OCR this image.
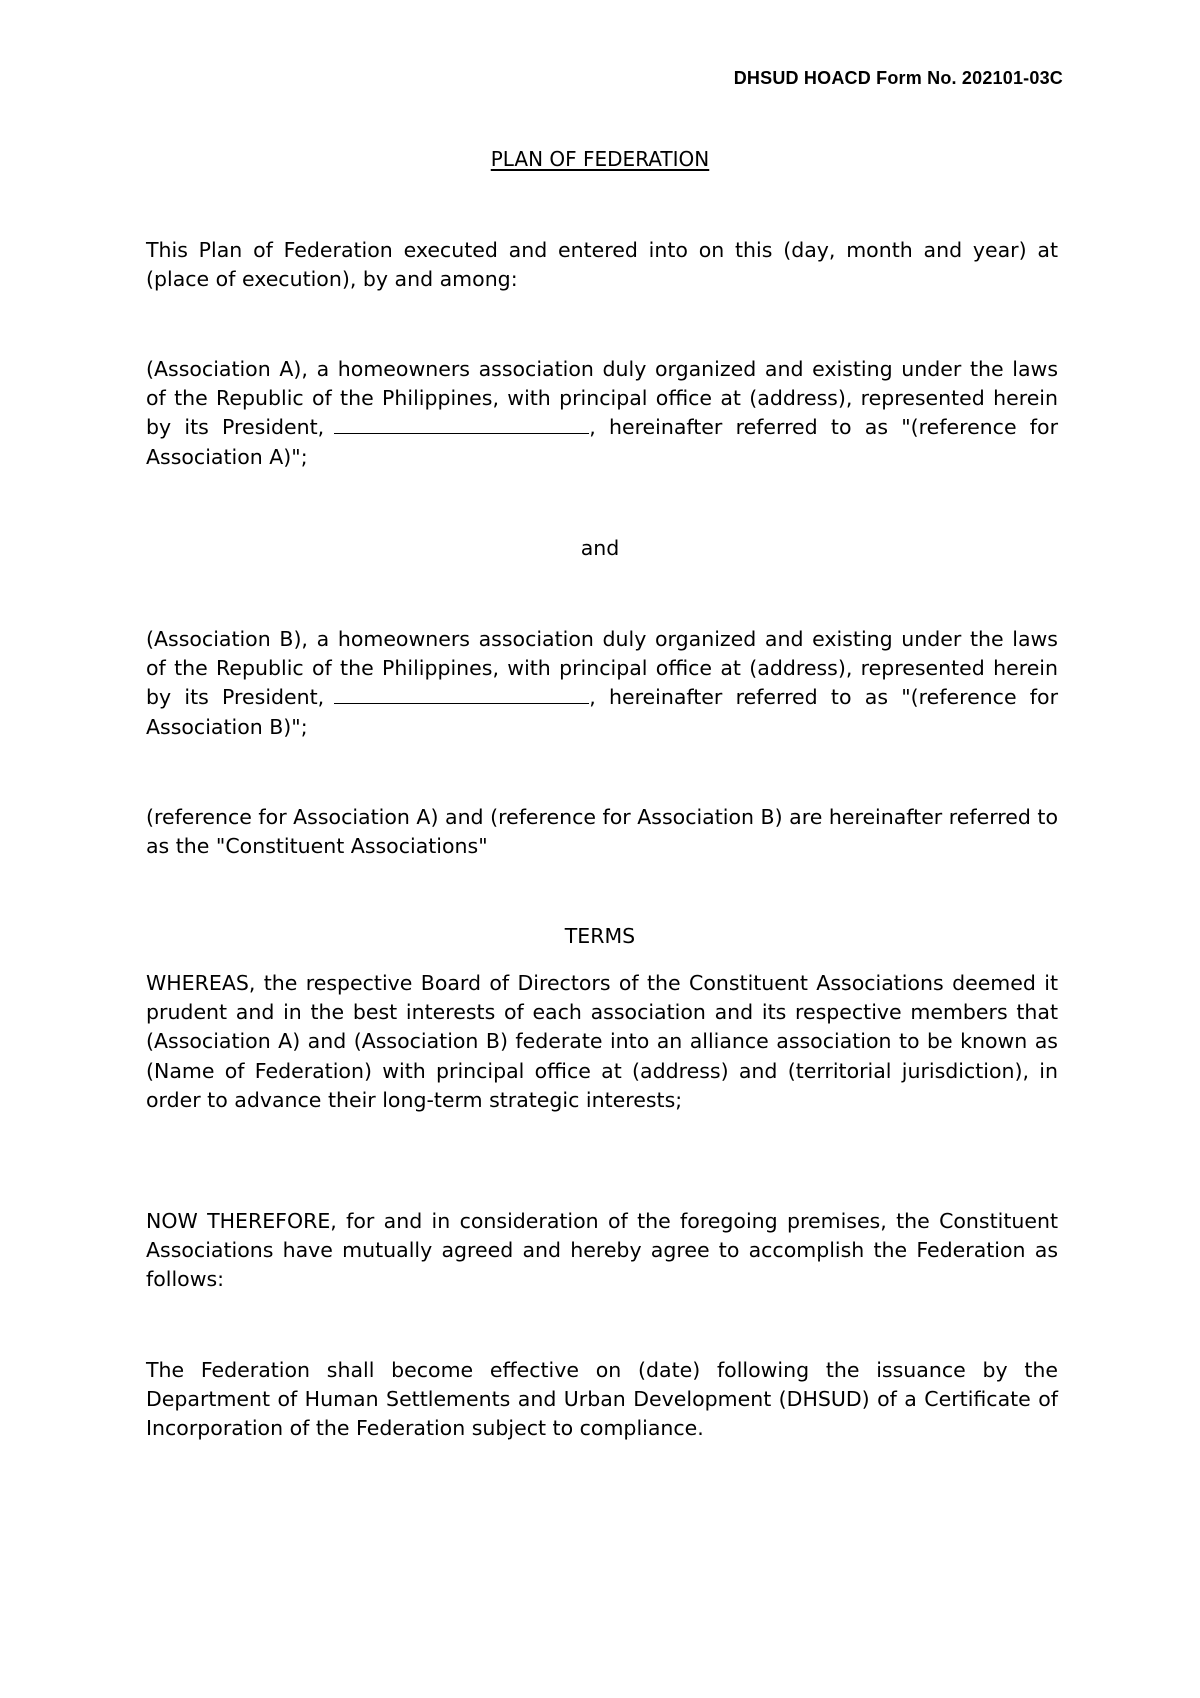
DHSUD HOACD Form No. 202101-03C
PLAN OF FEDERATION
This Plan of Federation executed and entered into on this (day, month and year) at (place of execution), by and among:
(Association A), a homeowners association duly organized and existing under the laws of the Republic of the Philippines, with principal office at (address), represented herein by its President,	, hereinafter referred to as "(reference for Association A)";
and
(Association B), a homeowners association duly organized and existing under the laws of the Republic of the Philippines, with principal office at (address), represented herein by its President,	, hereinafter referred to as "(reference for Association B)";
(reference for Association A) and (reference for Association B) are hereinafter referred to as the "Constituent Associations"
TERMS
WHEREAS, the respective Board of Directors of the Constituent Associations deemed it prudent and in the best interests of each association and its respective members that (Association A) and (Association B) federate into an alliance association to be known as (Name of Federation) with principal office at (address) and (territorial jurisdiction), in order to advance their long-term strategic interests;
NOW THEREFORE, for and in consideration of the foregoing premises, the Constituent Associations have mutually agreed and hereby agree to accomplish the Federation as follows:
The Federation shall become effective on (date) following the issuance by the Department of Human Settlements and Urban Development (DHSUD) of a Certificate of Incorporation of the Federation subject to compliance.
